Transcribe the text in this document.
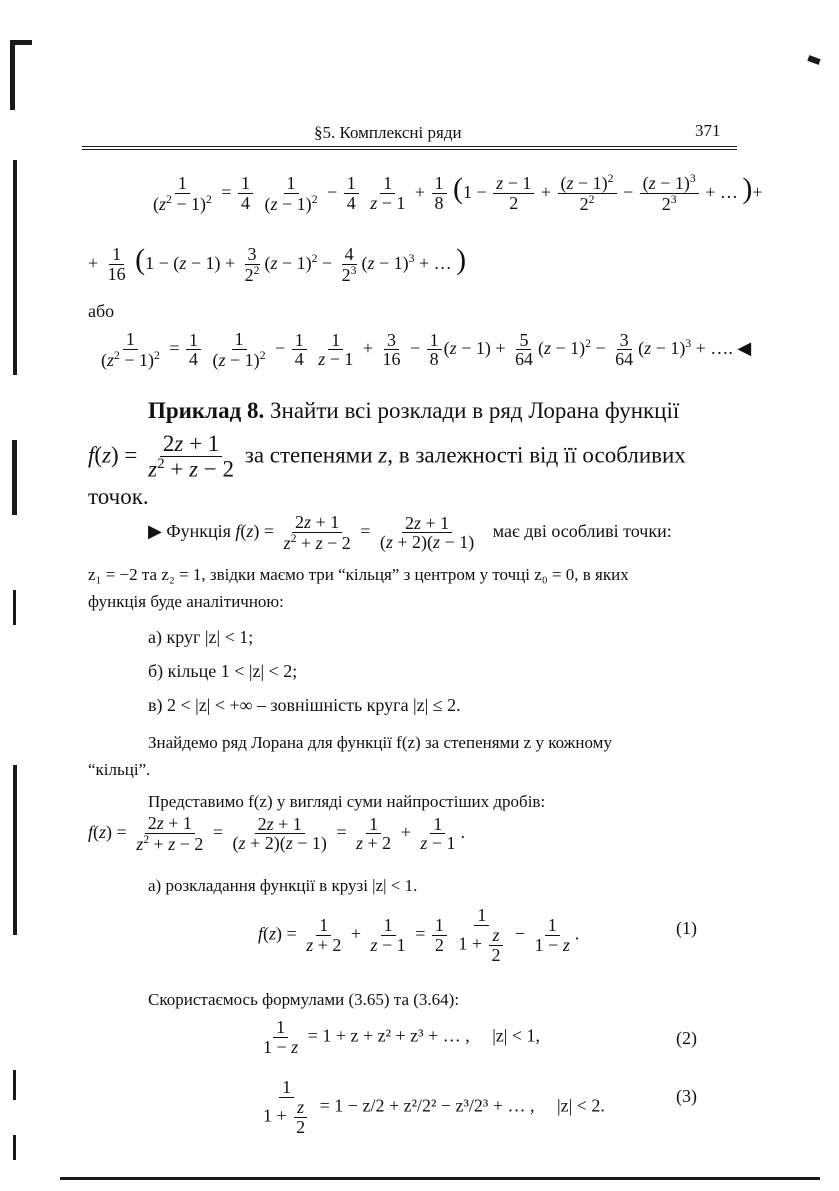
§5. Комплексні ряди	371
$\frac{1}{(z^2 - 1)^2} = \frac{1}{4}$
$\frac{1}{(z - 1)^2} - \frac{1}{4}$
$\frac{1}{z - 1} + \frac{1}{8} (1 - \frac{z - 1}{2} + \frac{(z - 1)^2}{2^2} - \frac{(z - 1)^3}{2^3}$ + … )+
+ $\frac{1}{16} (1 - (z - 1) + \frac{3}{2^2} (z - 1)^2 - \frac{4}{2^3} (z - 1)^3$ + … )
або
$\frac{1}{(z^2 - 1)^2} = \frac{1}{4}$
$\frac{1}{(z - 1)^2} - \frac{1}{4}$
$\frac{1}{z - 1} + \frac{3}{16} - \frac{1}{8} (z - 1) + \frac{5}{64} (z - 1)^2 - \frac{3}{64} (z - 1)^3$ + …. ◀
Приклад 8. Знайти всі розклади в ряд Лорана функції
$f(z) = \frac{2z + 1}{z^2 + z - 2}$ за степенями z, в залежності від її особливих
точок.
▶ Функція $f(z) = \frac{2z + 1}{z^2 + z - 2} = \frac{2z + 1}{(z + 2)(z - 1)}$ має дві особливі точки:
z₁ = −2 та z₂ = 1, звідки маємо три “кільця” з центром у точці z₀ = 0, в яких
функція буде аналітичною:
а) круг |z| < 1;
б) кільце 1 < |z| < 2;
в) 2 < |z| < +∞ – зовнішність круга |z| ≤ 2.
Знайдемо ряд Лорана для функції f(z) за степенями z у кожному
“кільці”.
Представимо f(z) у вигляді суми найпростіших дробів:
$f(z) = \frac{2z + 1}{z^2 + z - 2} = \frac{2z + 1}{(z + 2)(z - 1)} = \frac{1}{z + 2} + \frac{1}{z - 1}$ .
а) розкладання функції в крузі |z| < 1.
$f(z) = \frac{1}{z + 2} + \frac{1}{z - 1} = \frac{1}{2}$
$\frac{1}{1 + \frac{z}{2}} - \frac{1}{1 - z}$ .	(1)
Скористаємось формулами (3.65) та (3.64):
$\frac{1}{1 - z} = 1 + z + z^2 + z^3$ + … , |z| < 1,	(2)
$\frac{1}{1 + \frac{z}{2}} = 1 - z/2 + z^2/2^2 - z^3/2^3$ + … , |z| < 2.	(3)
